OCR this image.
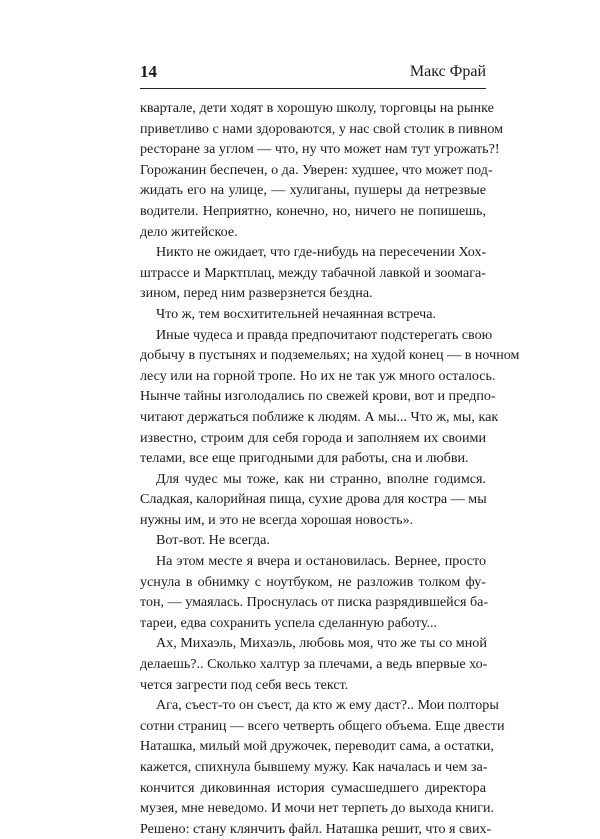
14	Макс Фрай
квартале, дети ходят в хорошую школу, торговцы на рынке
приветливо с нами здороваются, у нас свой столик в пивном
ресторане за углом — что, ну что может нам тут угрожать?!
Горожанин беспечен, о да. Уверен: худшее, что может под-
жидать его на улице, — хулиганы, пушеры да нетрезвые
водители. Неприятно, конечно, но, ничего не попишешь,
дело житейское.
Никто не ожидает, что где-нибудь на пересечении Хох-
штрассе и Марктплац, между табачной лавкой и зоомага-
зином, перед ним разверзнется бездна.
Что ж, тем восхитительней нечаянная встреча.
Иные чудеса и правда предпочитают подстерегать свою
добычу в пустынях и подземельях; на худой конец — в ночном
лесу или на горной тропе. Но их не так уж много осталось.
Нынче тайны изголодались по свежей крови, вот и предпо-
читают держаться поближе к людям. А мы... Что ж, мы, как
известно, строим для себя города и заполняем их своими
телами, все еще пригодными для работы, сна и любви.
Для чудес мы тоже, как ни странно, вполне годимся.
Сладкая, калорийная пища, сухие дрова для костра — мы
нужны им, и это не всегда хорошая новость».
Вот-вот. Не всегда.
На этом месте я вчера и остановилась. Вернее, просто
уснула в обнимку с ноутбуком, не разложив толком фу-
тон, — умаялась. Проснулась от писка разрядившейся ба-
тареи, едва сохранить успела сделанную работу...
Ах, Михаэль, Михаэль, любовь моя, что же ты со мной
делаешь?.. Сколько халтур за плечами, а ведь впервые хо-
чется загрести под себя весь текст.
Ага, съест-то он съест, да кто ж ему даст?.. Мои полторы
сотни страниц — всего четверть общего объема. Еще двести
Наташка, милый мой дружочек, переводит сама, а остатки,
кажется, спихнула бывшему мужу. Как началась и чем за-
кончится диковинная история сумасшедшего директора
музея, мне неведомо. И мочи нет терпеть до выхода книги.
Решено: стану клянчить файл. Наташка решит, что я свих-
